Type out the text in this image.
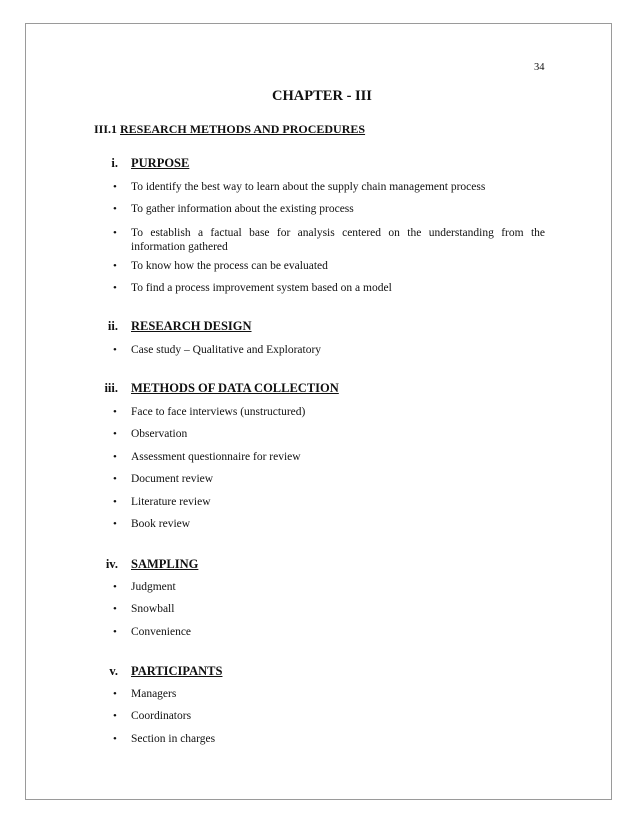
34
CHAPTER - III
III.1 RESEARCH METHODS AND PROCEDURES
i. PURPOSE
• To identify the best way to learn about the supply chain management process
• To gather information about the existing process
• To establish a factual base for analysis centered on the understanding from the information gathered
• To know how the process can be evaluated
• To find a process improvement system based on a model
ii. RESEARCH DESIGN
• Case study – Qualitative and Exploratory
iii. METHODS OF DATA COLLECTION
• Face to face interviews (unstructured)
• Observation
• Assessment questionnaire for review
• Document review
• Literature review
• Book review
iv. SAMPLING
• Judgment
• Snowball
• Convenience
v. PARTICIPANTS
• Managers
• Coordinators
• Section in charges
